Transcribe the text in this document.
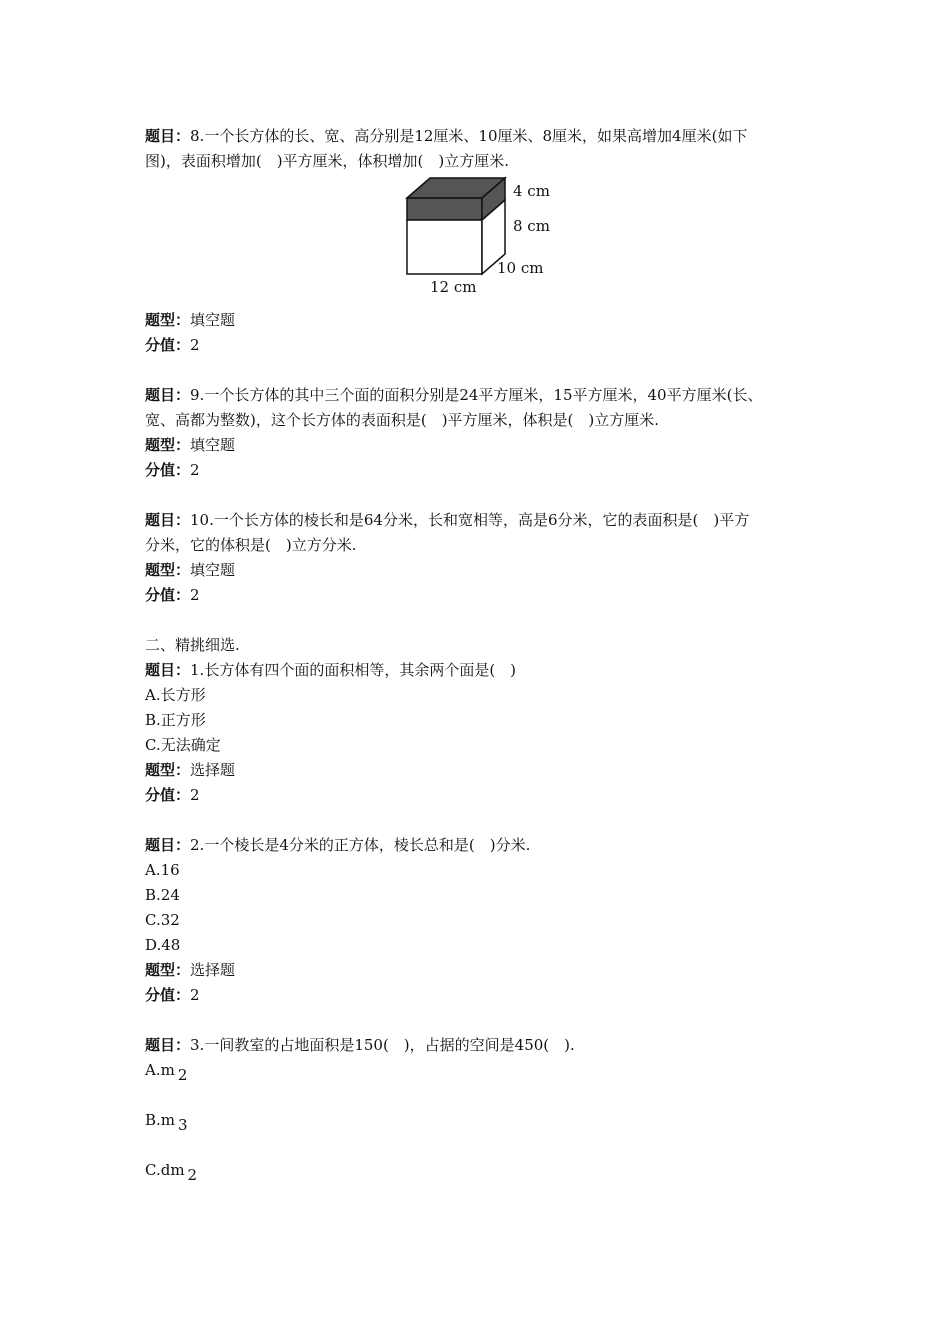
题目：8.一个长方体的长、宽、高分别是12厘米、10厘米、8厘米，如果高增加4厘米(如下
图)，表面积增加(　)平方厘米，体积增加(　)立方厘米.
4 cm
8 cm
10 cm
12 cm
题型：填空题
分值：2
题目：9.一个长方体的其中三个面的面积分别是24平方厘米，15平方厘米，40平方厘米(长、
宽、高都为整数)，这个长方体的表面积是(　)平方厘米，体积是(　)立方厘米.
题型：填空题
分值：2
题目：10.一个长方体的棱长和是64分米，长和宽相等，高是6分米，它的表面积是(　)平方
分米，它的体积是(　)立方分米.
题型：填空题
分值：2
二、精挑细选.
题目：1.长方体有四个面的面积相等，其余两个面是(　)
A.长方形
B.正方形
C.无法确定
题型：选择题
分值：2
题目：2.一个棱长是4分米的正方体，棱长总和是(　)分米.
A.16
B.24
C.32
D.48
题型：选择题
分值：2
题目：3.一间教室的占地面积是150(　)，占据的空间是450(　).
A.m $_2$
B.m $_3$
C.dm $_2$
